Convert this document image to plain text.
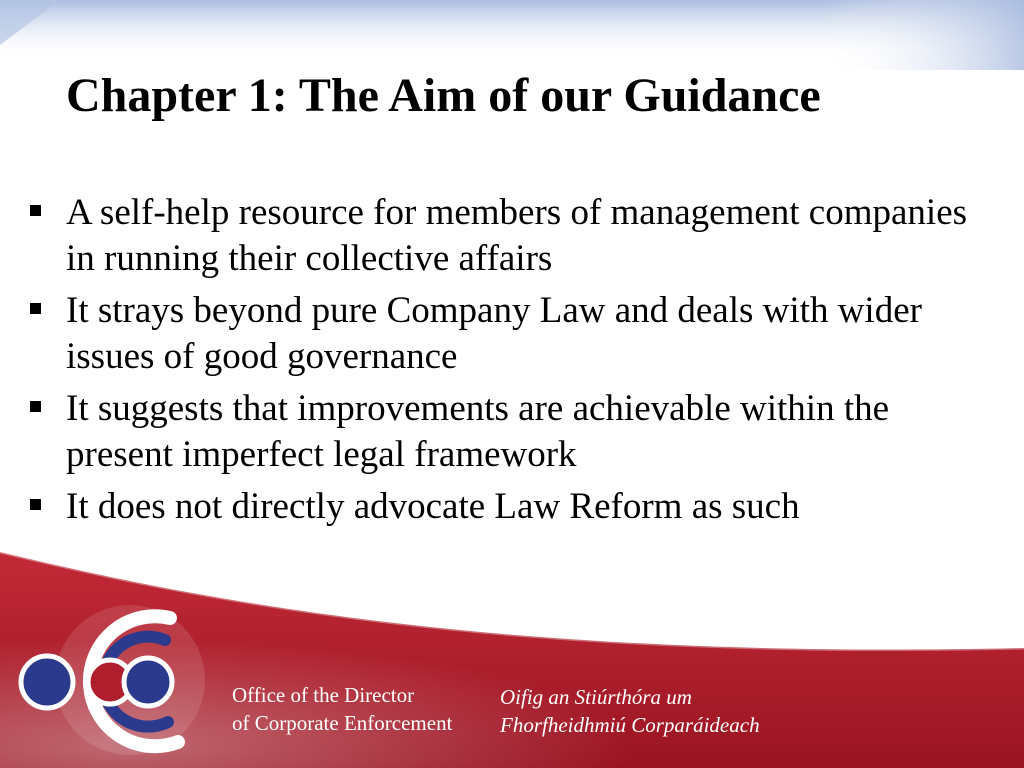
Chapter 1: The Aim of our Guidance
A self-help resource for members of management companies in running their collective affairs
It strays beyond pure Company Law and deals with wider issues of good governance
It suggests that improvements are achievable within the present imperfect legal framework
It does not directly advocate Law Reform as such
Office of the Director
of Corporate Enforcement
Oifig an Stiúrthóra um
Fhorfheidhmiú Corparáideach
